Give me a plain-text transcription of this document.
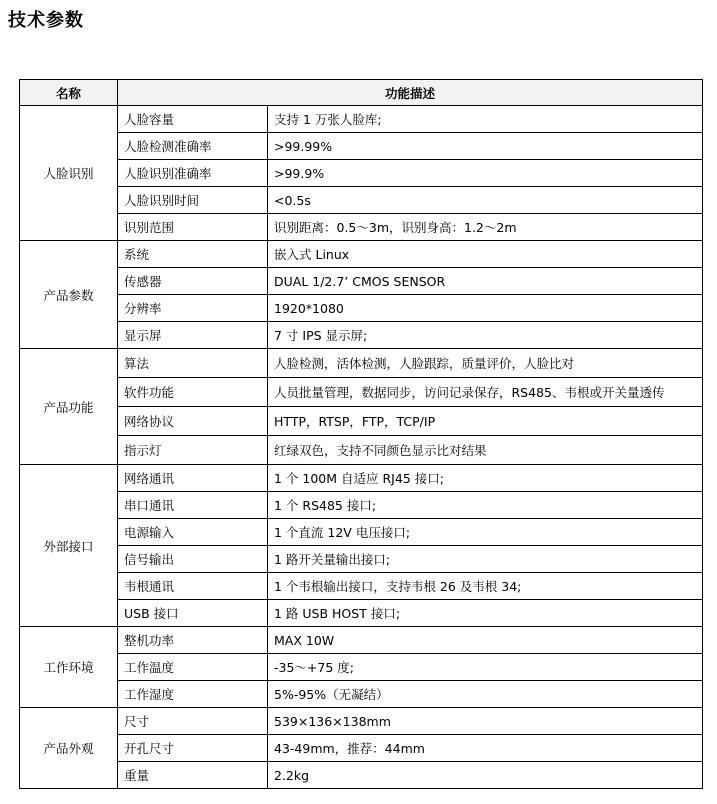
技术参数
名称	功能描述	
人脸识别	人脸容量	支持 1 万张人脸库;
	人脸检测准确率	>99.99%
	人脸识别准确率	>99.9%
	人脸识别时间	<0.5s
	识别范围	识别距离：0.5～3m，识别身高：1.2～2m
产品参数	系统	嵌入式 Linux
	传感器	DUAL 1/2.7’ CMOS SENSOR
	分辨率	1920*1080
	显示屏	7 寸 IPS 显示屏;
产品功能	算法	人脸检测，活体检测，人脸跟踪，质量评价，人脸比对
	软件功能	人员批量管理，数据同步，访问记录保存，RS485、韦根或开关量透传
	网络协议	HTTP，RTSP，FTP，TCP/IP
	指示灯	红绿双色，支持不同颜色显示比对结果
外部接口	网络通讯	1 个 100M 自适应 RJ45 接口;
	串口通讯	1 个 RS485 接口;
	电源输入	1 个直流 12V 电压接口;
	信号输出	1 路开关量输出接口;
	韦根通讯	1 个韦根输出接口，支持韦根 26 及韦根 34;
	USB 接口	1 路 USB HOST 接口;
工作环境	整机功率	MAX 10W
	工作温度	-35～+75 度;
	工作湿度	5%-95%（无凝结）
产品外观	尺寸	539×136×138mm
	开孔尺寸	43-49mm，推荐：44mm
	重量	2.2kg
